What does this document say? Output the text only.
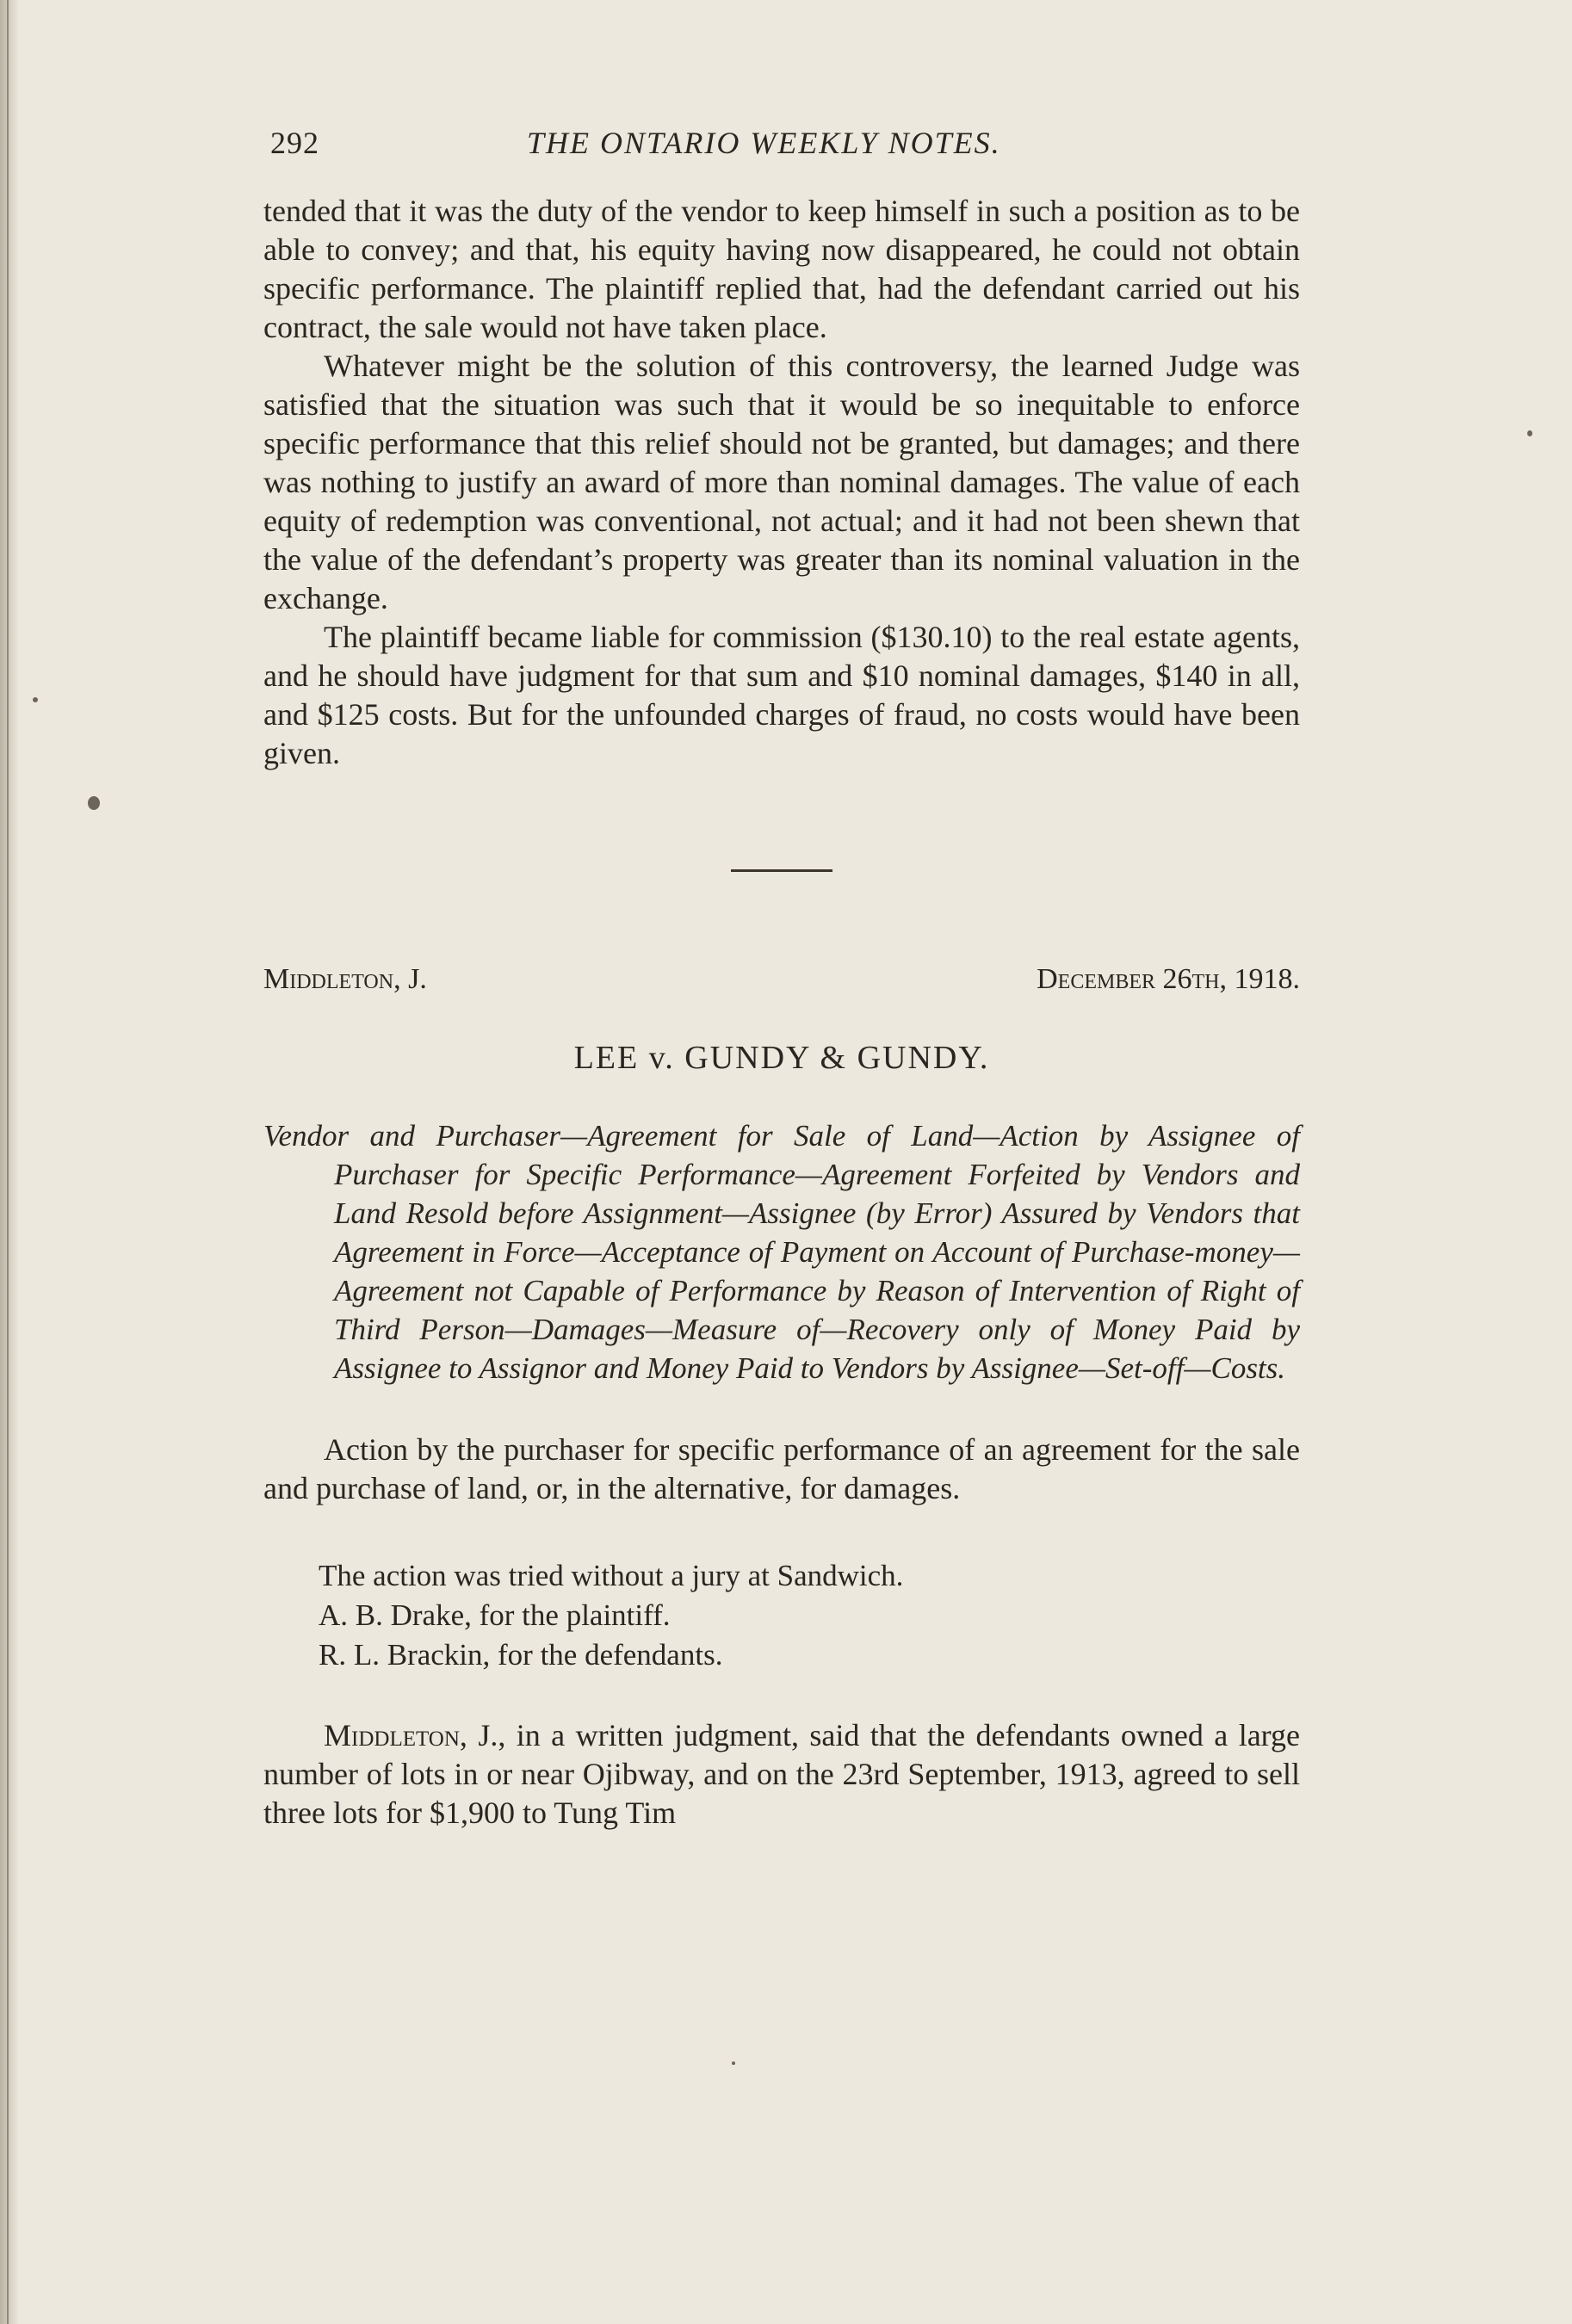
292	THE ONTARIO WEEKLY NOTES.

tended that it was the duty of the vendor to keep himself in such a position as to be able to convey; and that, his equity having now disappeared, he could not obtain specific performance. The plaintiff replied that, had the defendant carried out his contract, the sale would not have taken place.

Whatever might be the solution of this controversy, the learned Judge was satisfied that the situation was such that it would be so inequitable to enforce specific performance that this relief should not be granted, but damages; and there was nothing to justify an award of more than nominal damages. The value of each equity of redemption was conventional, not actual; and it had not been shewn that the value of the defendant’s property was greater than its nominal valuation in the exchange.

The plaintiff became liable for commission ($130.10) to the real estate agents, and he should have judgment for that sum and $10 nominal damages, $140 in all, and $125 costs. But for the unfounded charges of fraud, no costs would have been given.

Middleton, J.	December 26th, 1918.
LEE v. GUNDY & GUNDY.

Vendor and Purchaser—Agreement for Sale of Land—Action by Assignee of Purchaser for Specific Performance—Agreement Forfeited by Vendors and Land Resold before Assignment—Assignee (by Error) Assured by Vendors that Agreement in Force—Acceptance of Payment on Account of Purchase-money—Agreement not Capable of Performance by Reason of Intervention of Right of Third Person—Damages—Measure of—Recovery only of Money Paid by Assignee to Assignor and Money Paid to Vendors by Assignee—Set-off—Costs.

Action by the purchaser for specific performance of an agreement for the sale and purchase of land, or, in the alternative, for damages.

The action was tried without a jury at Sandwich.

A. B. Drake, for the plaintiff.

R. L. Brackin, for the defendants.

Middleton, J., in a written judgment, said that the defendants owned a large number of lots in or near Ojibway, and on the 23rd September, 1913, agreed to sell three lots for $1,900 to Tung Tim
